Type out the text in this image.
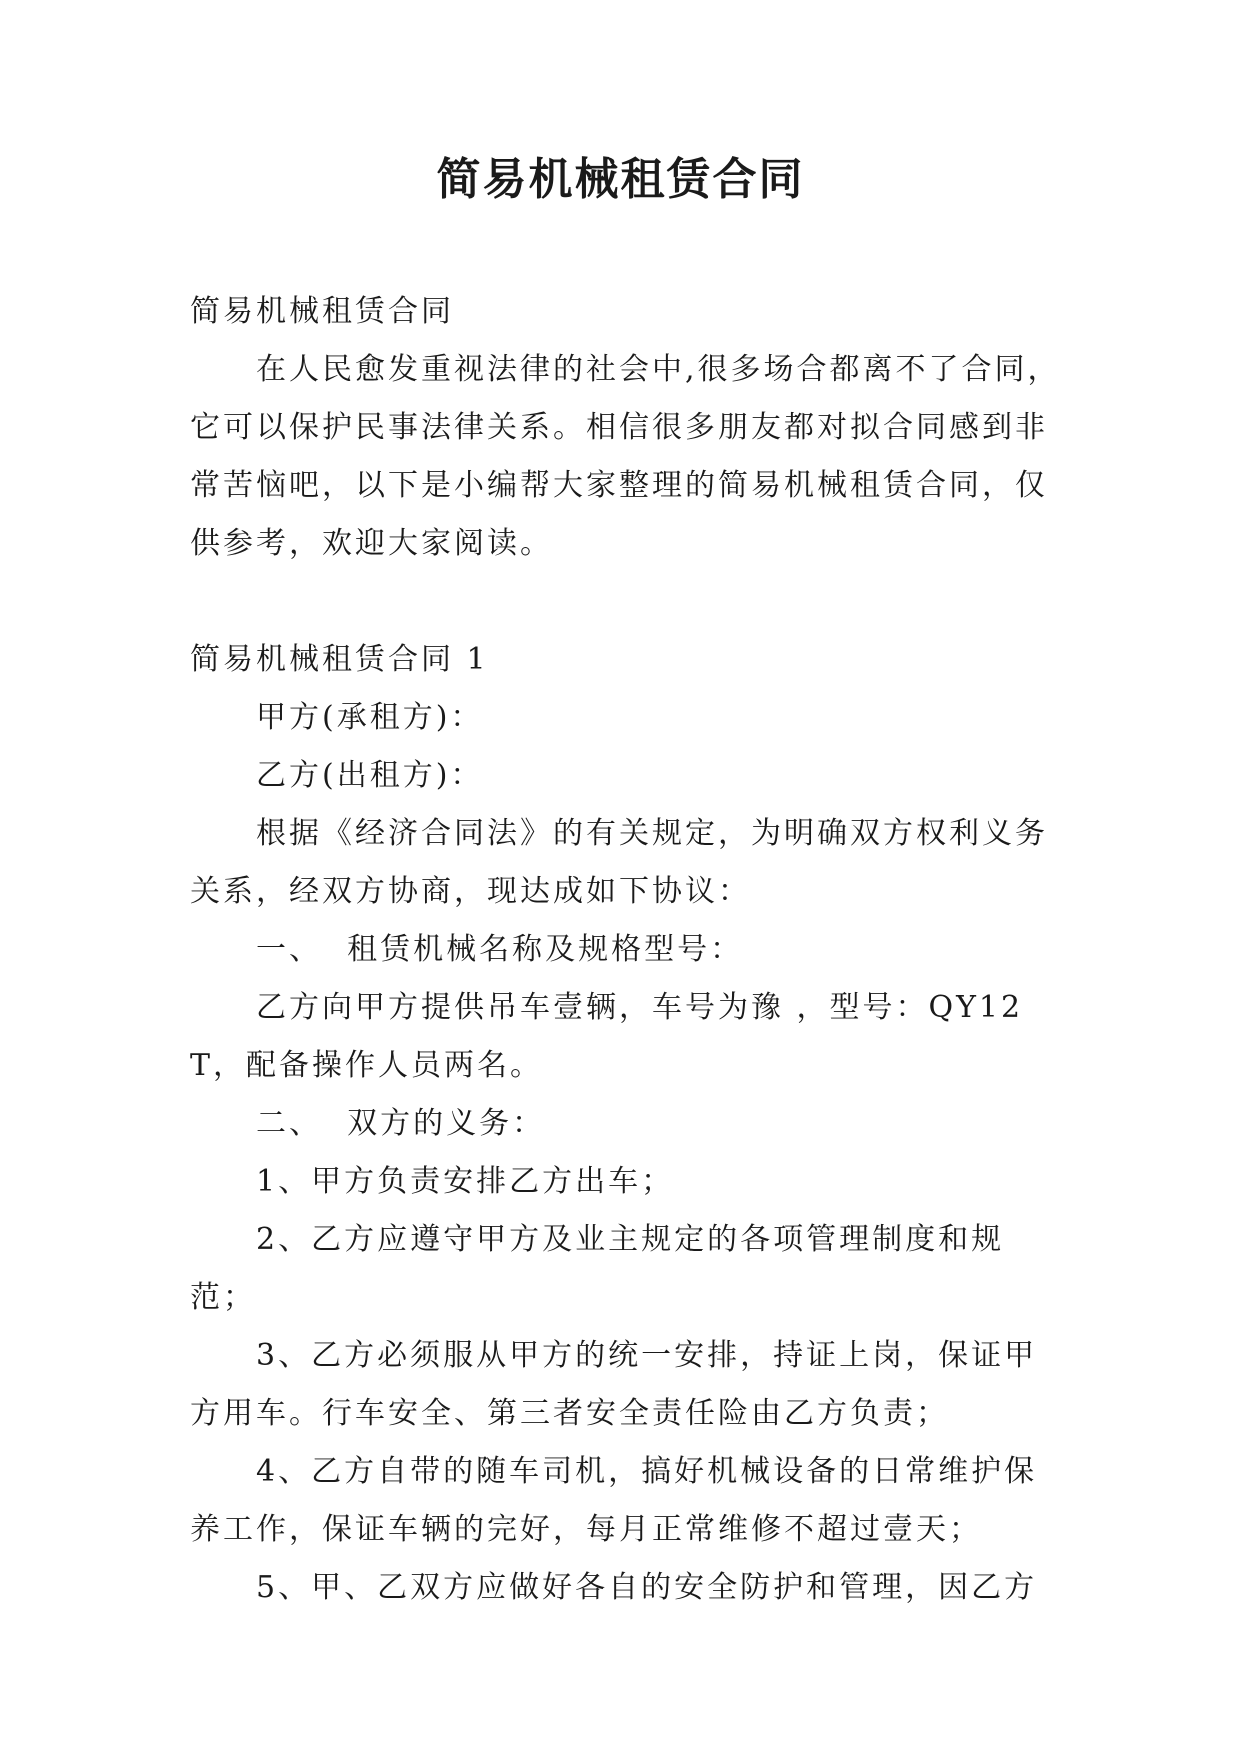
简易机械租赁合同

简易机械租赁合同

在人民愈发重视法律的社会中,很多场合都离不了合同，它可以保护民事法律关系。相信很多朋友都对拟合同感到非常苦恼吧，以下是小编帮大家整理的简易机械租赁合同，仅供参考，欢迎大家阅读。

简易机械租赁合同 1

甲方(承租方)：

乙方(出租方)：

根据《经济合同法》的有关规定，为明确双方权利义务关系，经双方协商，现达成如下协议：

一、  租赁机械名称及规格型号：

乙方向甲方提供吊车壹辆，车号为豫 ，型号：QY12T，配备操作人员两名。

二、  双方的义务：

1、甲方负责安排乙方出车；

2、乙方应遵守甲方及业主规定的各项管理制度和规范；

3、乙方必须服从甲方的统一安排，持证上岗，保证甲方用车。行车安全、第三者安全责任险由乙方负责；

4、乙方自带的随车司机，搞好机械设备的日常维护保养工作，保证车辆的完好，每月正常维修不超过壹天；

5、甲、乙双方应做好各自的安全防护和管理，因乙方
